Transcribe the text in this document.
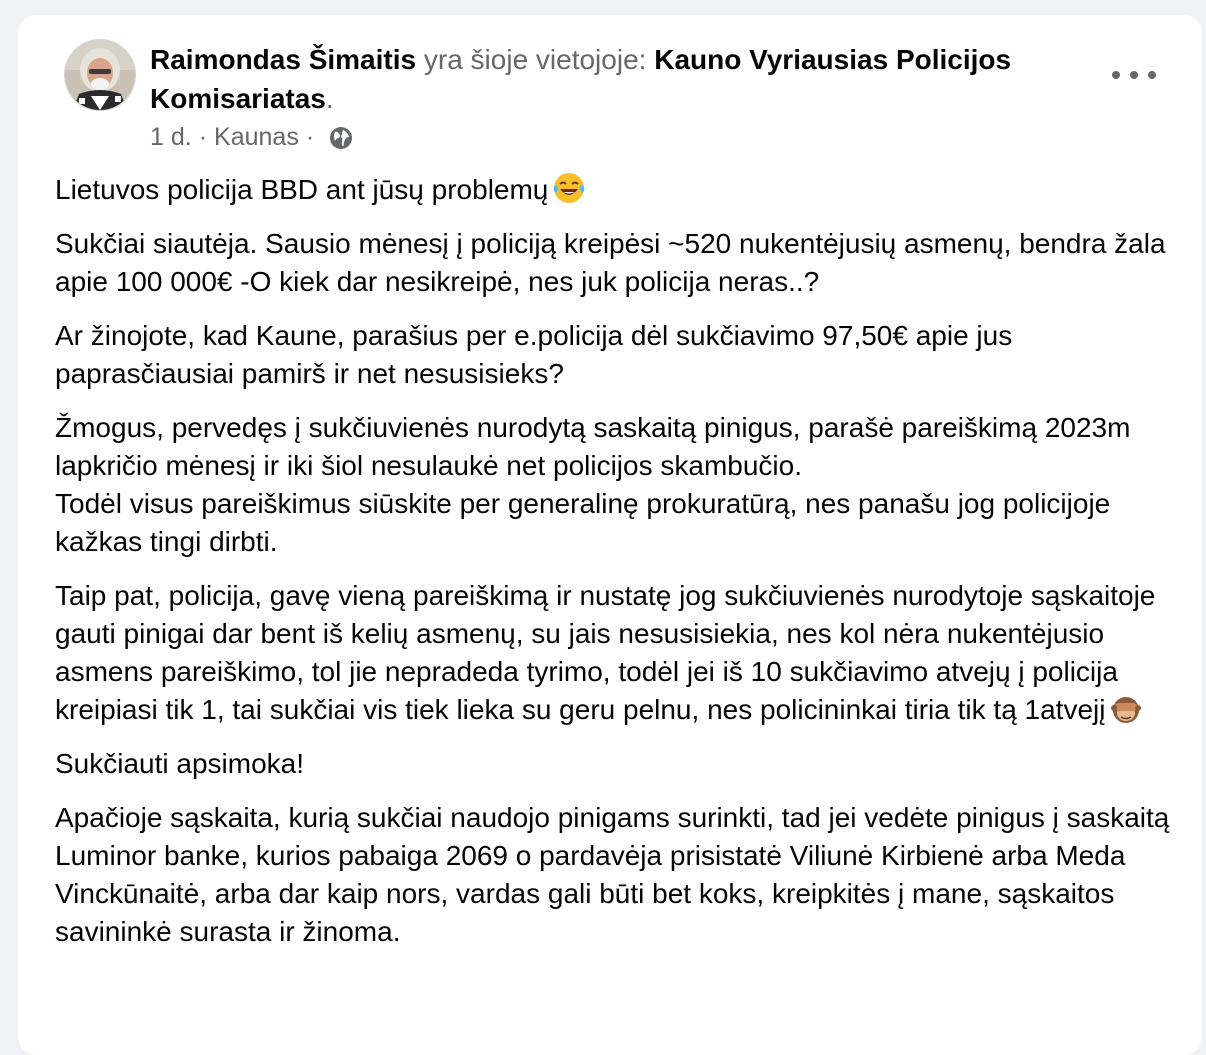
Raimondas Šimaitis yra šioje vietojoje: Kauno Vyriausias Policijos Komisariatas.
1 d. · Kaunas ·

Lietuvos policija BBD ant jūsų problemų

Sukčiai siautėja. Sausio mėnesį į policiją kreipėsi ~520 nukentėjusių asmenų, bendra žala apie 100 000€ -O kiek dar nesikreipė, nes juk policija neras..?

Ar žinojote, kad Kaune, parašius per e.policija dėl sukčiavimo 97,50€ apie jus paprasčiausiai pamirš ir net nesusisieks?

Žmogus, pervedęs į sukčiuvienės nurodytą saskaitą pinigus, parašė pareiškimą 2023m lapkričio mėnesį ir iki šiol nesulaukė net policijos skambučio.
Todėl visus pareiškimus siūskite per generalinę prokuratūrą, nes panašu jog policijoje kažkas tingi dirbti.

Taip pat, policija, gavę vieną pareiškimą ir nustatę jog sukčiuvienės nurodytoje sąskaitoje gauti pinigai dar bent iš kelių asmenų, su jais nesusisiekia, nes kol nėra nukentėjusio asmens pareiškimo, tol jie nepradeda tyrimo, todėl jei iš 10 sukčiavimo atvejų į policija kreipiasi tik 1, tai sukčiai vis tiek lieka su geru pelnu, nes policininkai tiria tik tą 1atvejį

Sukčiauti apsimoka!

Apačioje sąskaita, kurią sukčiai naudojo pinigams surinkti, tad jei vedėte pinigus į saskaitą Luminor banke, kurios pabaiga 2069 o pardavėja prisistatė Viliunė Kirbienė arba Meda Vinckūnaitė, arba dar kaip nors, vardas gali būti bet koks, kreipkitės į mane, sąskaitos savininkė surasta ir žinoma.
